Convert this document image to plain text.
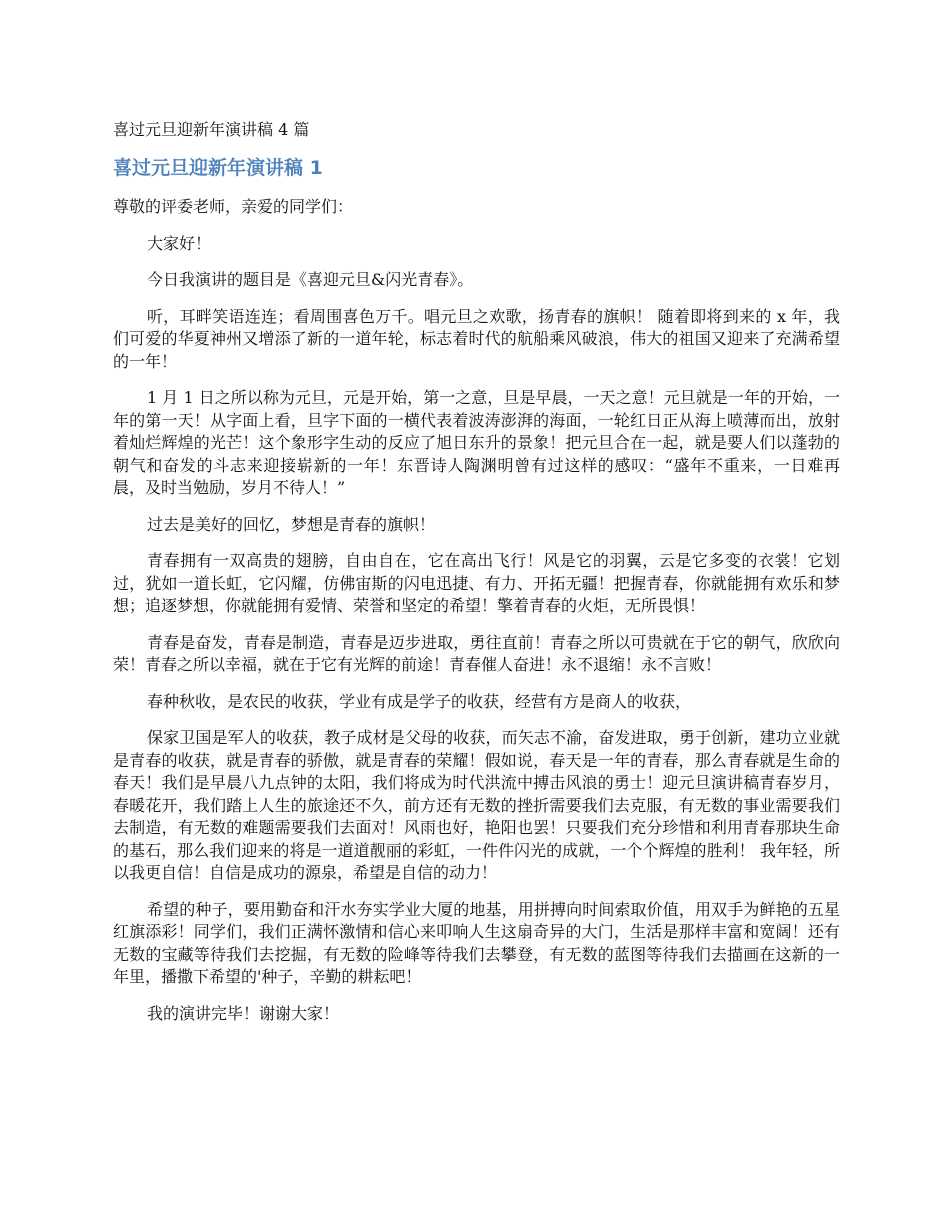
喜过元旦迎新年演讲稿 4 篇
喜过元旦迎新年演讲稿 1

尊敬的评委老师，亲爱的同学们：

大家好！

今日我演讲的题目是《喜迎元旦&闪光青春》。

听，耳畔笑语连连；看周围喜色万千。唱元旦之欢歌，扬青春的旗帜！ 随着即将到来的 x 年，我们可爱的华夏神州又增添了新的一道年轮，标志着时代的航船乘风破浪，伟大的祖国又迎来了充满希望的一年！

1 月 1 日之所以称为元旦，元是开始，第一之意，旦是早晨，一天之意！元旦就是一年的开始，一年的第一天！从字面上看，旦字下面的一横代表着波涛澎湃的海面，一轮红日正从海上喷薄而出，放射着灿烂辉煌的光芒！这个象形字生动的反应了旭日东升的景象！把元旦合在一起，就是要人们以蓬勃的朝气和奋发的斗志来迎接崭新的一年！东晋诗人陶渊明曾有过这样的感叹：“盛年不重来，一日难再晨，及时当勉励，岁月不待人！”

过去是美好的回忆，梦想是青春的旗帜！

青春拥有一双高贵的翅膀，自由自在，它在高出飞行！风是它的羽翼，云是它多变的衣裳！它划过，犹如一道长虹，它闪耀，仿佛宙斯的闪电迅捷、有力、开拓无疆！把握青春，你就能拥有欢乐和梦想；追逐梦想，你就能拥有爱情、荣誉和坚定的希望！擎着青春的火炬，无所畏惧！

青春是奋发，青春是制造，青春是迈步进取，勇往直前！青春之所以可贵就在于它的朝气，欣欣向荣！青春之所以幸福，就在于它有光辉的前途！青春催人奋进！永不退缩！永不言败！

春种秋收，是农民的收获，学业有成是学子的收获，经营有方是商人的收获，

保家卫国是军人的收获，教子成材是父母的收获，而矢志不渝，奋发进取，勇于创新，建功立业就是青春的收获，就是青春的骄傲，就是青春的荣耀！假如说，春天是一年的青春，那么青春就是生命的春天！我们是早晨八九点钟的太阳，我们将成为时代洪流中搏击风浪的勇士！迎元旦演讲稿青春岁月，春暖花开，我们踏上人生的旅途还不久，前方还有无数的挫折需要我们去克服，有无数的事业需要我们去制造，有无数的难题需要我们去面对！风雨也好，艳阳也罢！只要我们充分珍惜和利用青春那块生命的基石，那么我们迎来的将是一道道靓丽的彩虹，一件件闪光的成就，一个个辉煌的胜利！ 我年轻，所以我更自信！自信是成功的源泉，希望是自信的动力！

希望的种子，要用勤奋和汗水夯实学业大厦的地基，用拼搏向时间索取价值，用双手为鲜艳的五星红旗添彩！同学们，我们正满怀激情和信心来叩响人生这扇奇异的大门，生活是那样丰富和宽阔！还有无数的宝藏等待我们去挖掘，有无数的险峰等待我们去攀登，有无数的蓝图等待我们去描画在这新的一年里，播撒下希望的'种子，辛勤的耕耘吧！

我的演讲完毕！谢谢大家！
